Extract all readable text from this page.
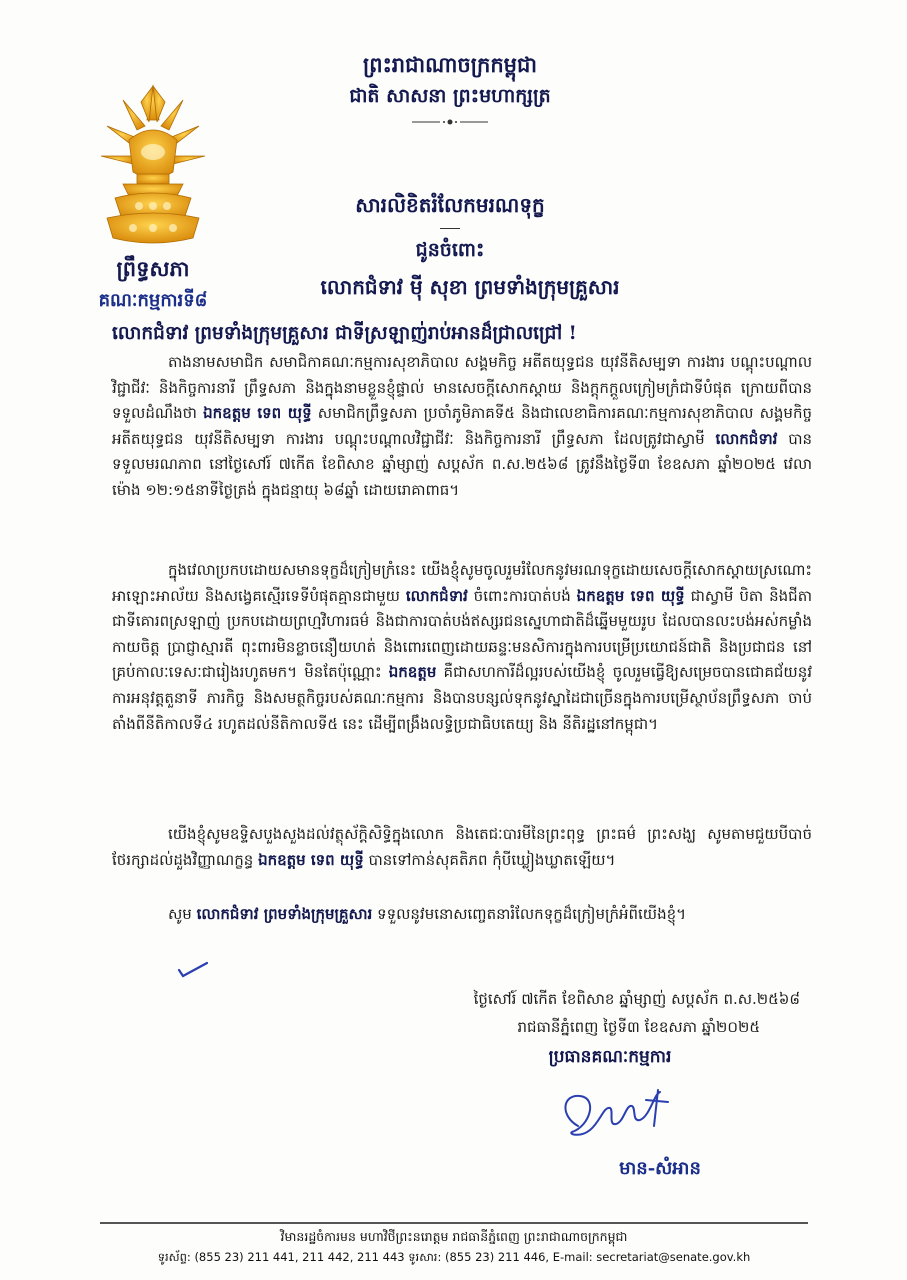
ព្រះរាជាណាចក្រកម្ពុជា
ជាតិ សាសនា ព្រះមហាក្សត្រ
ព្រឹទ្ធសភា
គណៈកម្មការទី៨
សារលិខិតរំលែកមរណទុក្ខ
ជូនចំពោះ
លោកជំទាវ ម៉ី សុខា ព្រមទាំងក្រុមគ្រួសារ
លោកជំទាវ ព្រមទាំងក្រុមគ្រួសារ ជាទីស្រឡាញ់រាប់អានដ៏ជ្រាលជ្រៅ !
តាងនាមសមាជិក សមាជិកាគណៈកម្មការសុខាភិបាល សង្គមកិច្ច អតីតយុទ្ធជន យុវនីតិសម្បទា ការងារ បណ្តុះបណ្តាលវិជ្ជាជីវៈ និងកិច្ចការនារី ព្រឹទ្ធសភា និងក្នុងនាមខ្លួនខ្ញុំផ្ទាល់ មានសេចក្តីសោកស្តាយ និងក្តុកក្តួលក្រៀមក្រំជាទីបំផុត ក្រោយពីបានទទួលដំណឹងថា ឯកឧត្តម ទេព យុទ្ធី សមាជិកព្រឹទ្ធសភា ប្រចាំភូមិភាគទី៥ និងជាលេខាធិការគណៈកម្មការសុខាភិបាល សង្គមកិច្ច អតីតយុទ្ធជន យុវនីតិសម្បទា ការងារ បណ្តុះបណ្តាលវិជ្ជាជីវៈ និងកិច្ចការនារី ព្រឹទ្ធសភា ដែលត្រូវជាស្វាមី លោកជំទាវ បានទទួលមរណភាព នៅថ្ងៃសៅរ៍ ៧កើត ខែពិសាខ ឆ្នាំម្សាញ់ សប្តស័ក ព.ស.២៥៦៨ ត្រូវនឹងថ្ងៃទី៣ ខែឧសភា ឆ្នាំ២០២៥ វេលាម៉ោង ១២:១៥នាទីថ្ងៃត្រង់ ក្នុងជន្មាយុ ៦៨ឆ្នាំ ដោយរោគាពាធ។
ក្នុងវេលាប្រកបដោយសមានទុក្ខដ៏ក្រៀមក្រំនេះ យើងខ្ញុំសូមចូលរួមរំលែកនូវមរណទុក្ខដោយសេចក្តីសោកស្តាយស្រណោះអាឡោះអាល័យ និងសង្វេគស្មើរទេទីបំផុតគ្មានជាមួយ លោកជំទាវ ចំពោះការបាត់បង់ ឯកឧត្តម ទេព យុទ្ធី ជាស្វាមី បិតា និងជីតា ជាទីគោរពស្រឡាញ់ ប្រកបដោយព្រហ្មវិហារធម៌ និងជាការបាត់បង់ឥស្សរជនស្នេហាជាតិដ៏ឆ្នើមមួយរូប ដែលបានលះបង់អស់កម្លាំងកាយចិត្ត ប្រាជ្ញាស្មារតី ពុះពារមិនខ្លាចនឿយហត់ និងពោរពេញដោយឆន្ទៈមនសិការក្នុងការបម្រើប្រយោជន៍ជាតិ និងប្រជាជន នៅគ្រប់កាលៈទេសៈជារៀងរហូតមក។ មិនតែប៉ុណ្ណោះ ឯកឧត្តម គឺជាសហការីដ៏ល្អរបស់យើងខ្ញុំ ចូលរួមធ្វើឱ្យសម្រេចបានជោគជ័យនូវការអនុវត្តតួនាទី ភារកិច្ច និងសមត្ថកិច្ចរបស់គណៈកម្មការ និងបានបន្សល់ទុកនូវស្នាដៃជាច្រើនក្នុងការបម្រើស្ថាប័នព្រឹទ្ធសភា ចាប់តាំងពីនីតិកាលទី៤ រហូតដល់នីតិកាលទី៥ នេះ ដើម្បីពង្រឹងលទ្ធិប្រជាធិបតេយ្យ និង នីតិរដ្ឋនៅកម្ពុជា។
យើងខ្ញុំសូមឧទ្ទិសបួងសួងដល់វត្ថុស័ក្តិសិទ្ធិក្នុងលោក និងតេជៈបារមីនៃព្រះពុទ្ធ ព្រះធម៌ ព្រះសង្ឃ សូមតាមជួយបីបាច់ថែរក្សាដល់ដួងវិញ្ញាណក្ខន្ធ ឯកឧត្តម ទេព យុទ្ធី បានទៅកាន់សុគតិភព កុំបីឃ្លៀងឃ្លាតឡើយ។
សូម លោកជំទាវ ព្រមទាំងក្រុមគ្រួសារ ទទួលនូវមនោសញ្ចេតនារំលែកទុក្ខដ៏ក្រៀមក្រំអំពីយើងខ្ញុំ។
ថ្ងៃសៅរ៍ ៧កើត ខែពិសាខ ឆ្នាំម្សាញ់ សប្តស័ក ព.ស.២៥៦៨
រាជធានីភ្នំពេញ ថ្ងៃទី៣ ខែឧសភា ឆ្នាំ២០២៥
ប្រធានគណៈកម្មការ
មាន-សំអាន
វិមានរដ្ឋចំការមន មហាវិថីព្រះនរោត្តម រាជធានីភ្នំពេញ ព្រះរាជាណាចក្រកម្ពុជា
ទូរស័ព្ទ: (855 23) 211 441, 211 442, 211 443 ទូរសារ: (855 23) 211 446, E-mail: secretariat@senate.gov.kh
